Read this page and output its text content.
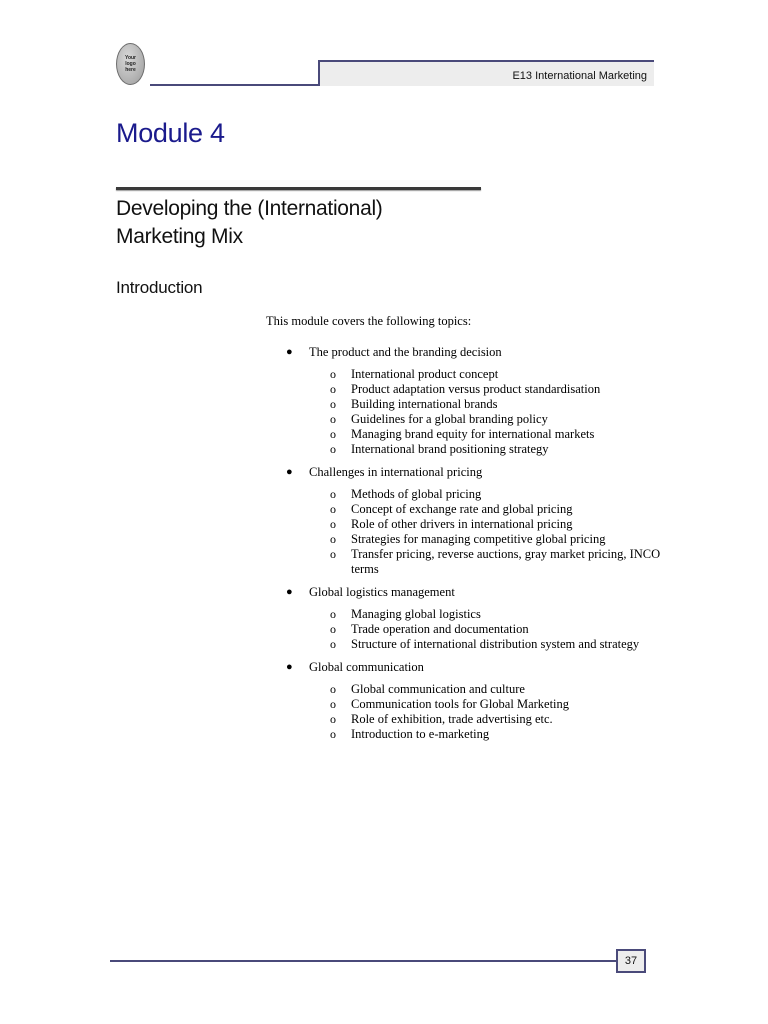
Your
logo
here	E13 International Marketing
Module 4
Developing the (International)
Marketing Mix
Introduction

This module covers the following topics:

● The product and the branding decision
o International product concept
o Product adaptation versus product standardisation
o Building international brands
o Guidelines for a global branding policy
o Managing brand equity for international markets
o International brand positioning strategy
● Challenges in international pricing
o Methods of global pricing
o Concept of exchange rate and global pricing
o Role of other drivers in international pricing
o Strategies for managing competitive global pricing
o Transfer pricing, reverse auctions, gray market pricing, INCO terms
● Global logistics management
o Managing global logistics
o Trade operation and documentation
o Structure of international distribution system and strategy
● Global communication
o Global communication and culture
o Communication tools for Global Marketing
o Role of exhibition, trade advertising etc.
o Introduction to e-marketing
37
